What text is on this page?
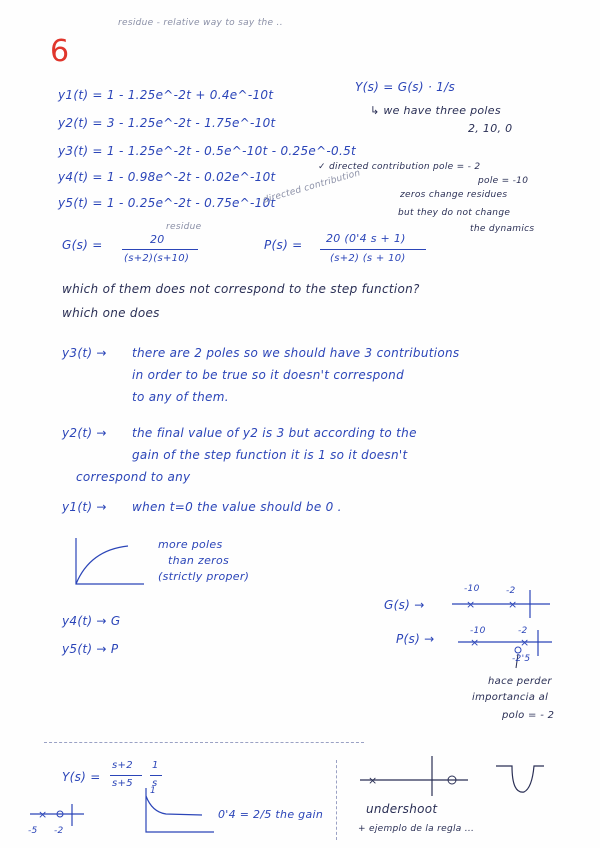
residue - relative way to say the ..
6
y1(t) = 1 - 1.25e^-2t + 0.4e^-10t
y2(t) = 3 - 1.25e^-2t - 1.75e^-10t
y3(t) = 1 - 1.25e^-2t - 0.5e^-10t - 0.25e^-0.5t
y4(t) = 1 - 0.98e^-2t - 0.02e^-10t
y5(t) = 1 - 0.25e^-2t - 0.75e^-10t
Y(s) = G(s) · 1/s
↳ we have three poles
2, 10, 0
✓ directed contribution pole = - 2
pole = -10
zeros change residues
but they do not change
the dynamics
directed contribution
G(s) =
residue
20
(s+2)(s+10)
P(s) = 20 (0'4 s + 1)
(s+2) (s + 10)
which of them does not correspond to the step function?
which one does
y3(t) → there are 2 poles so we should have 3 contributions
in order to be true so it doesn't correspond
to any of them.
y2(t) → the final value of y2 is 3 but according to the
gain of the step function it is 1 so it doesn't
correspond to any
y1(t) → when t=0 the value should be 0 .
more poles
than zeros
(strictly proper)
y4(t) → G
y5(t) → P
G(s) →
-10	-2
×	×
P(s) →
-10	-2
×	×
-2'5
hace perder
importancia al
polo = - 2
Y(s) =
s+2
s+5
1
s
×
-5 -2
1
0'4 = 2/5 the gain
×
undershoot
+ ejemplo de la regla ...
